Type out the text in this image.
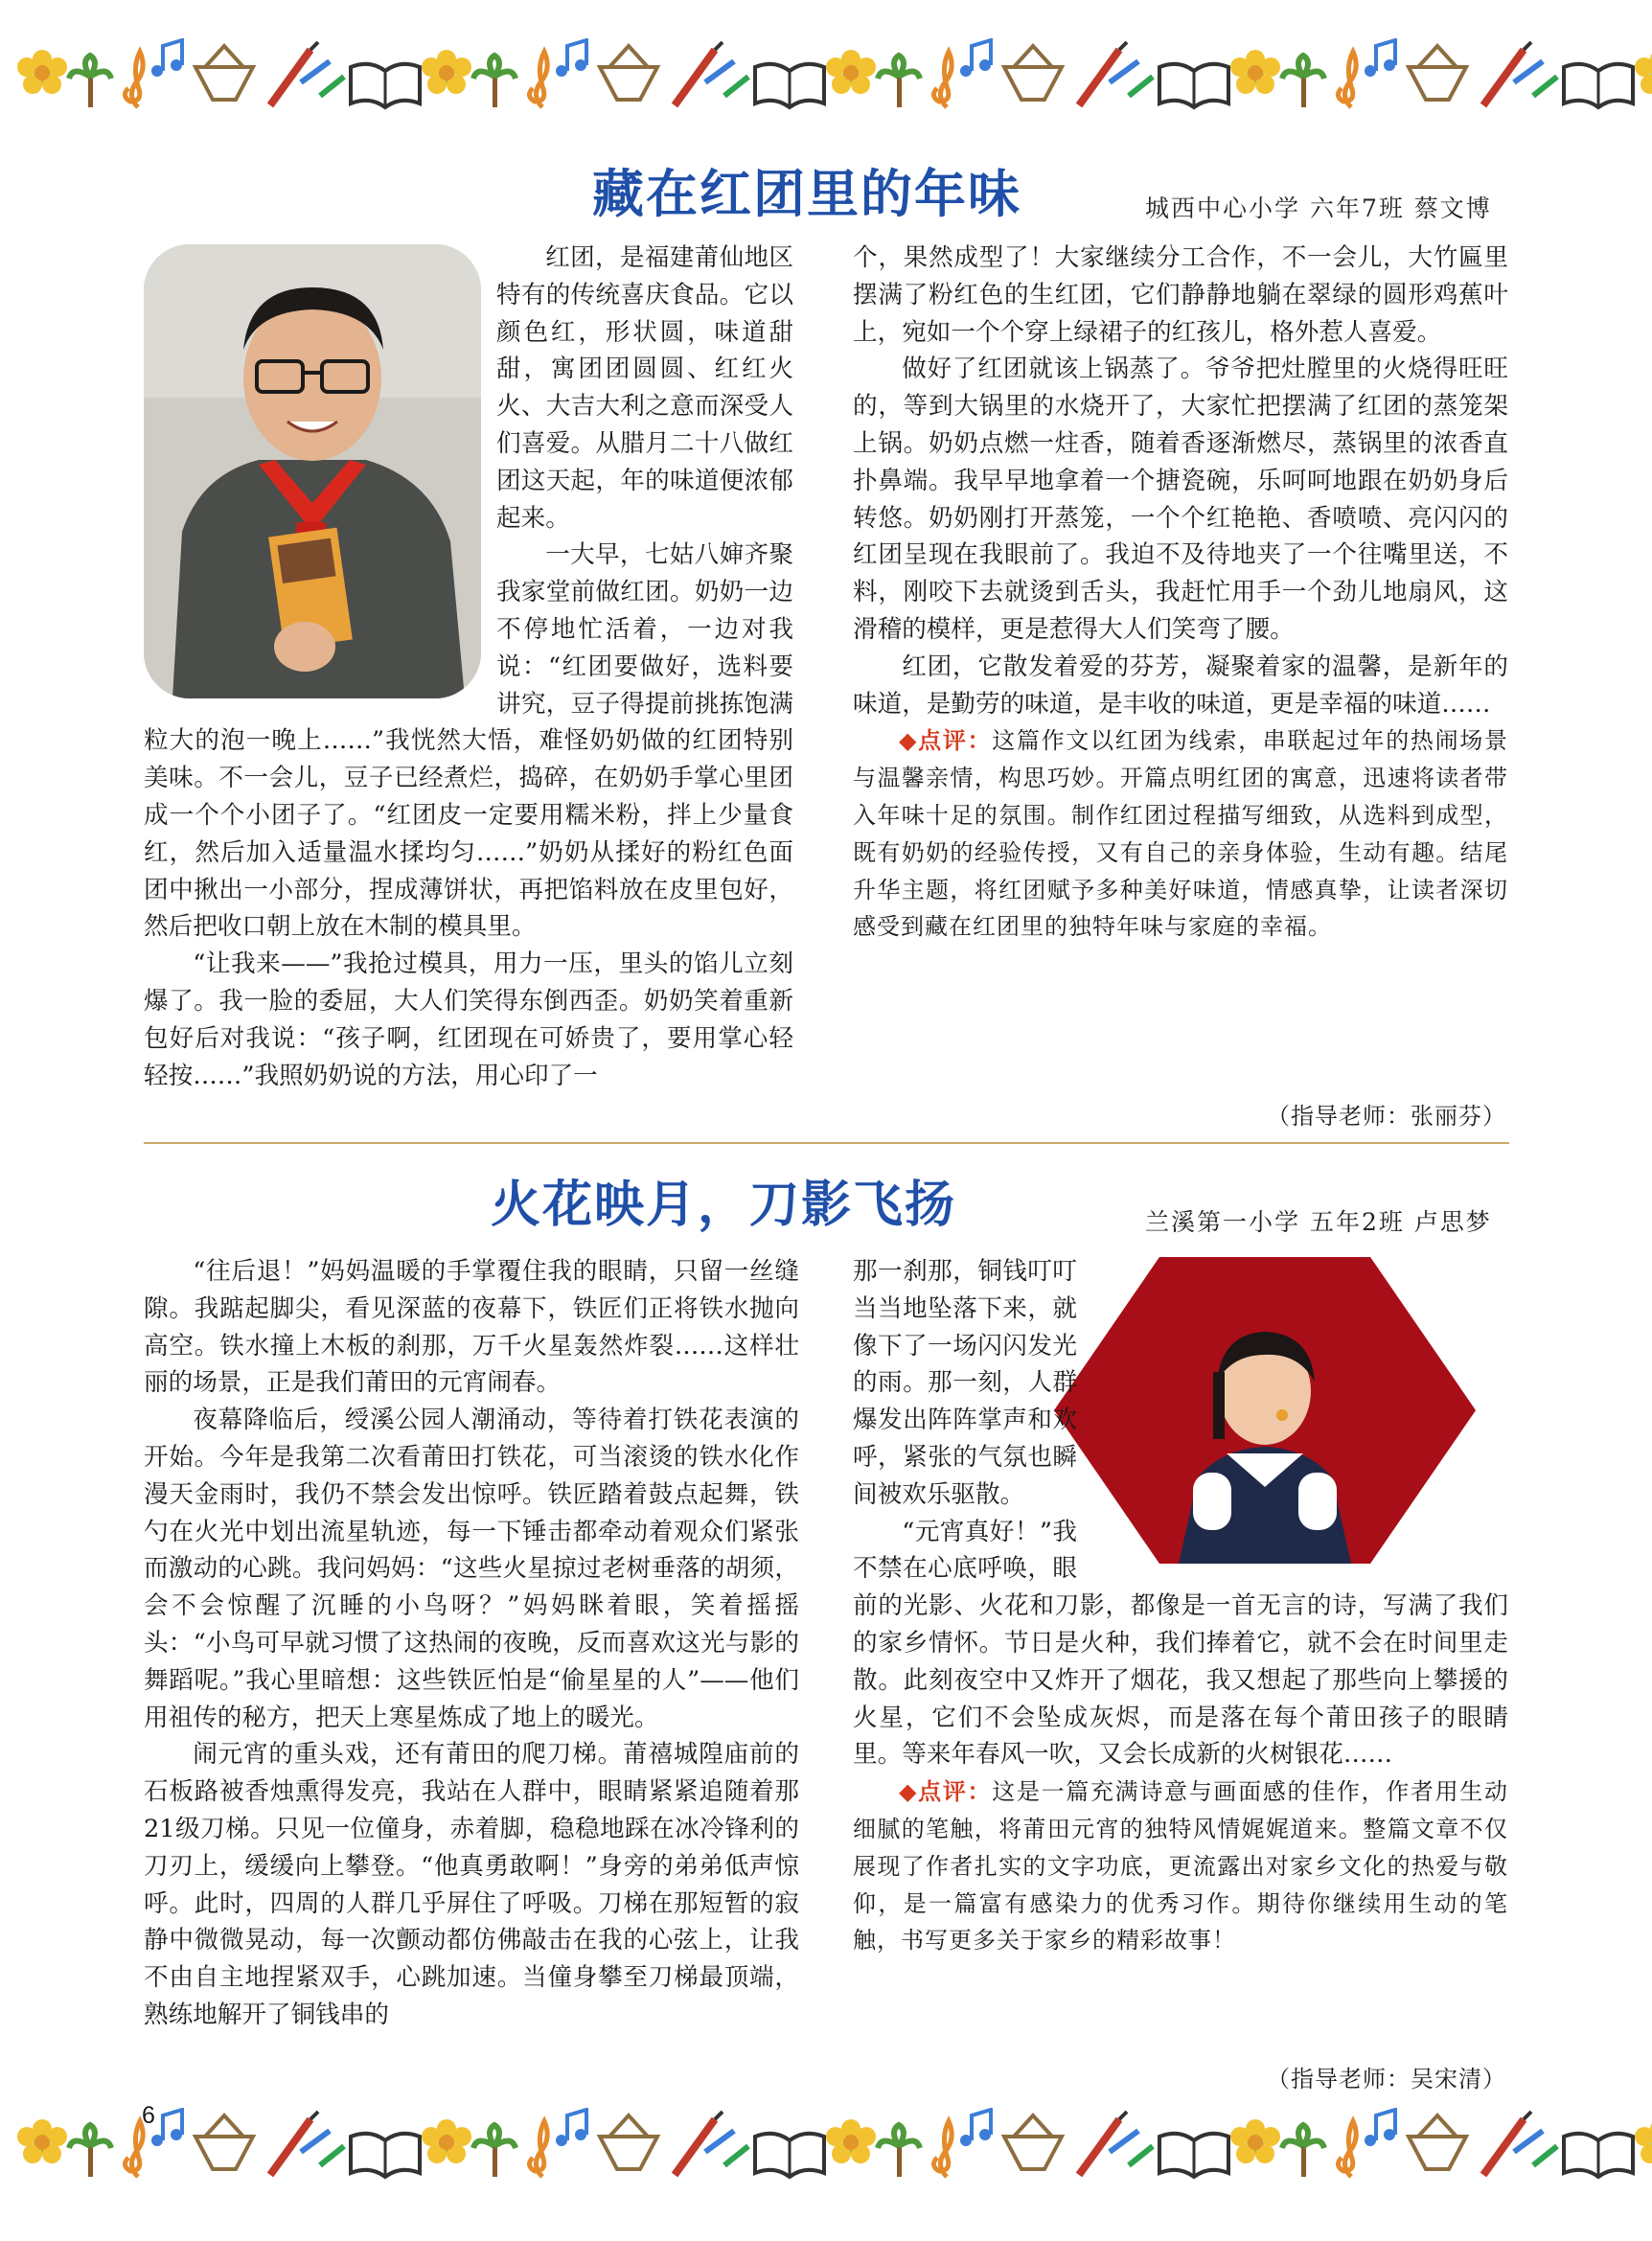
藏在红团里的年味	城西中心小学 六年7班 蔡文博

红团，是福建莆仙地区特有的传统喜庆食品。它以颜色红，形状圆，味道甜甜，寓团团圆圆、红红火火、大吉大利之意而深受人们喜爱。从腊月二十八做红团这天起，年的味道便浓郁起来。

一大早，七姑八婶齐聚我家堂前做红团。奶奶一边不停地忙活着，一边对我说：“红团要做好，选料要讲究，豆子得提前挑拣饱满粒大的泡一晚上……”我恍然大悟，难怪奶奶做的红团特别美味。不一会儿，豆子已经煮烂，捣碎，在奶奶手掌心里团成一个个小团子了。“红团皮一定要用糯米粉，拌上少量食红，然后加入适量温水揉均匀……”奶奶从揉好的粉红色面团中揪出一小部分，捏成薄饼状，再把馅料放在皮里包好，然后把收口朝上放在木制的模具里。

“让我来——”我抢过模具，用力一压，里头的馅儿立刻爆了。我一脸的委屈，大人们笑得东倒西歪。奶奶笑着重新包好后对我说：“孩子啊，红团现在可娇贵了，要用掌心轻轻按……”我照奶奶说的方法，用心印了一

个，果然成型了！大家继续分工合作，不一会儿，大竹匾里摆满了粉红色的生红团，它们静静地躺在翠绿的圆形鸡蕉叶上，宛如一个个穿上绿裙子的红孩儿，格外惹人喜爱。

做好了红团就该上锅蒸了。爷爷把灶膛里的火烧得旺旺的，等到大锅里的水烧开了，大家忙把摆满了红团的蒸笼架上锅。奶奶点燃一炷香，随着香逐渐燃尽，蒸锅里的浓香直扑鼻端。我早早地拿着一个搪瓷碗，乐呵呵地跟在奶奶身后转悠。奶奶刚打开蒸笼，一个个红艳艳、香喷喷、亮闪闪的红团呈现在我眼前了。我迫不及待地夹了一个往嘴里送，不料，刚咬下去就烫到舌头，我赶忙用手一个劲儿地扇风，这滑稽的模样，更是惹得大人们笑弯了腰。

红团，它散发着爱的芬芳，凝聚着家的温馨，是新年的味道，是勤劳的味道，是丰收的味道，更是幸福的味道……

◆点评：这篇作文以红团为线索，串联起过年的热闹场景与温馨亲情，构思巧妙。开篇点明红团的寓意，迅速将读者带入年味十足的氛围。制作红团过程描写细致，从选料到成型，既有奶奶的经验传授，又有自己的亲身体验，生动有趣。结尾升华主题，将红团赋予多种美好味道，情感真挚，让读者深切感受到藏在红团里的独特年味与家庭的幸福。

（指导老师：张丽芬）
火花映月，刀影飞扬	兰溪第一小学 五年2班 卢思梦

“往后退！”妈妈温暖的手掌覆住我的眼睛，只留一丝缝隙。我踮起脚尖，看见深蓝的夜幕下，铁匠们正将铁水抛向高空。铁水撞上木板的刹那，万千火星轰然炸裂……这样壮丽的场景，正是我们莆田的元宵闹春。

夜幕降临后，绶溪公园人潮涌动，等待着打铁花表演的开始。今年是我第二次看莆田打铁花，可当滚烫的铁水化作漫天金雨时，我仍不禁会发出惊呼。铁匠踏着鼓点起舞，铁勺在火光中划出流星轨迹，每一下锤击都牵动着观众们紧张而激动的心跳。我问妈妈：“这些火星掠过老树垂落的胡须，会不会惊醒了沉睡的小鸟呀？”妈妈眯着眼，笑着摇摇头：“小鸟可早就习惯了这热闹的夜晚，反而喜欢这光与影的舞蹈呢。”我心里暗想：这些铁匠怕是“偷星星的人”——他们用祖传的秘方，把天上寒星炼成了地上的暖光。

闹元宵的重头戏，还有莆田的爬刀梯。莆禧城隍庙前的石板路被香烛熏得发亮，我站在人群中，眼睛紧紧追随着那21级刀梯。只见一位僮身，赤着脚，稳稳地踩在冰冷锋利的刀刃上，缓缓向上攀登。“他真勇敢啊！”身旁的弟弟低声惊呼。此时，四周的人群几乎屏住了呼吸。刀梯在那短暂的寂静中微微晃动，每一次颤动都仿佛敲击在我的心弦上，让我不由自主地捏紧双手，心跳加速。当僮身攀至刀梯最顶端，熟练地解开了铜钱串的

那一刹那，铜钱叮叮当当地坠落下来，就像下了一场闪闪发光的雨。那一刻，人群爆发出阵阵掌声和欢呼，紧张的气氛也瞬间被欢乐驱散。

“元宵真好！”我不禁在心底呼唤，眼前的光影、火花和刀影，都像是一首无言的诗，写满了我们的家乡情怀。节日是火种，我们捧着它，就不会在时间里走散。此刻夜空中又炸开了烟花，我又想起了那些向上攀援的火星，它们不会坠成灰烬，而是落在每个莆田孩子的眼睛里。等来年春风一吹，又会长成新的火树银花……

◆点评：这是一篇充满诗意与画面感的佳作，作者用生动细腻的笔触，将莆田元宵的独特风情娓娓道来。整篇文章不仅展现了作者扎实的文字功底，更流露出对家乡文化的热爱与敬仰，是一篇富有感染力的优秀习作。期待你继续用生动的笔触，书写更多关于家乡的精彩故事！

（指导老师：吴宋清）
6
